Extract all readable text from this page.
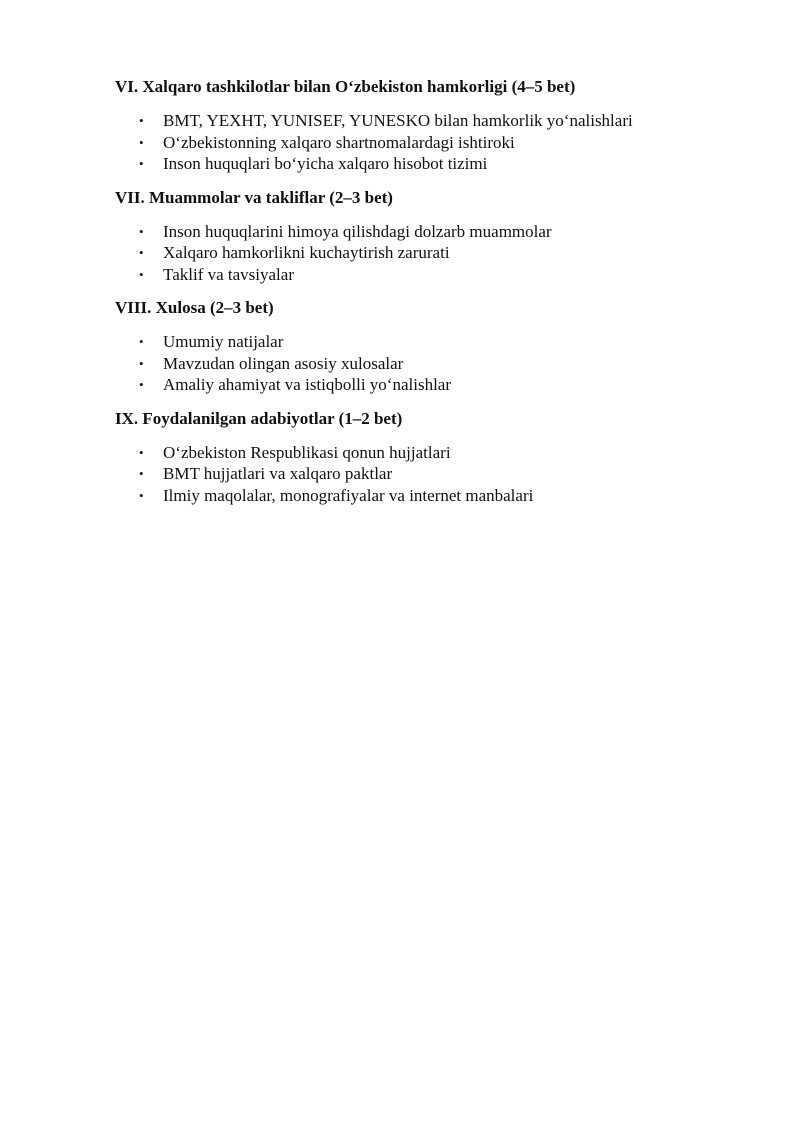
VI. Xalqaro tashkilotlar bilan O‘zbekiston hamkorligi (4–5 bet)
• BMT, YEXHT, YUNISEF, YUNESKO bilan hamkorlik yo‘nalishlari
• O‘zbekistonning xalqaro shartnomalardagi ishtiroki
• Inson huquqlari bo‘yicha xalqaro hisobot tizimi
VII. Muammolar va takliflar (2–3 bet)
• Inson huquqlarini himoya qilishdagi dolzarb muammolar
• Xalqaro hamkorlikni kuchaytirish zarurati
• Taklif va tavsiyalar
VIII. Xulosa (2–3 bet)
• Umumiy natijalar
• Mavzudan olingan asosiy xulosalar
• Amaliy ahamiyat va istiqbolli yo‘nalishlar
IX. Foydalanilgan adabiyotlar (1–2 bet)
• O‘zbekiston Respublikasi qonun hujjatlari
• BMT hujjatlari va xalqaro paktlar
• Ilmiy maqolalar, monografiyalar va internet manbalari
